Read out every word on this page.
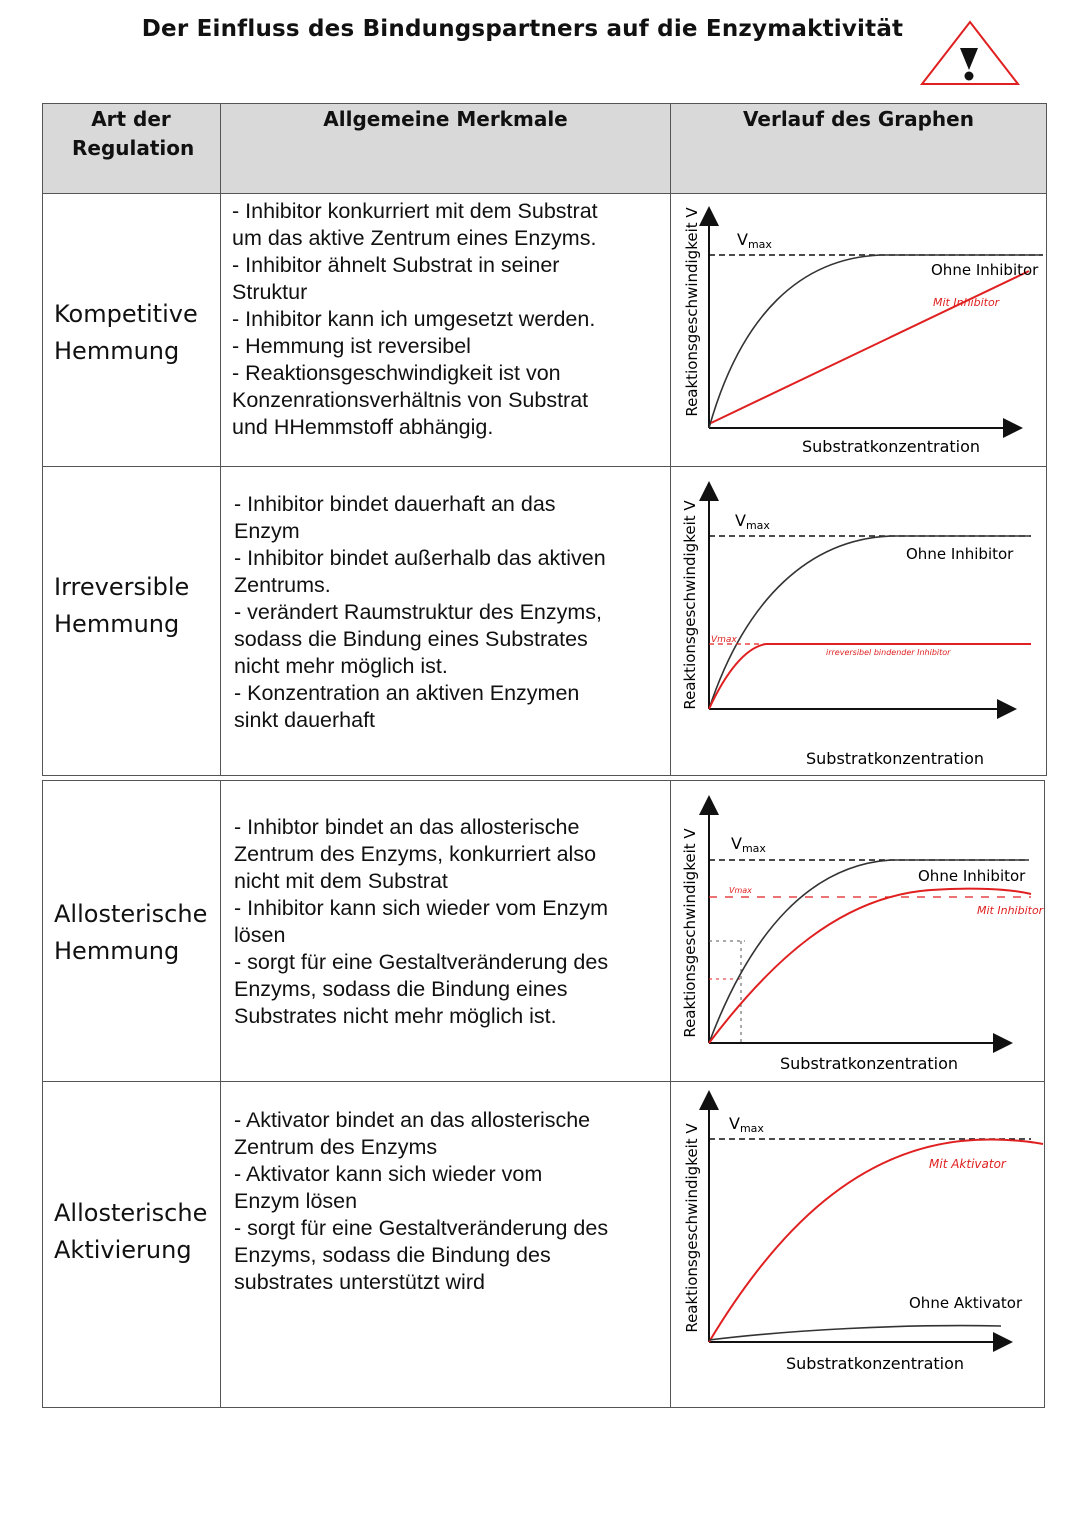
Der Einfluss des Bindungspartners auf die Enzymaktivität
Art der Regulation
Allgemeine Merkmale	Verlauf des Graphen
Kompetitive Hemmung
Irreversible Hemmung
Allosterische Hemmung
Allosterische Aktivierung
- Inhibitor konkurriert mit dem Substrat
um das aktive Zentrum eines Enzyms.
- Inhibitor ähnelt Substrat in seiner
Struktur
- Inhibitor kann ich umgesetzt werden.
- Hemmung ist reversibel
- Reaktionsgeschwindigkeit ist von
Konzenrationsverhältnis von Substrat
und HHemmstoff abhängig.
- Inhibitor bindet dauerhaft an das
Enzym
- Inhibitor bindet außerhalb das aktiven
Zentrums.
- verändert Raumstruktur des Enzyms,
sodass die Bindung eines Substrates
nicht mehr möglich ist.
- Konzentration an aktiven Enzymen
sinkt dauerhaft
- Inhibtor bindet an das allosterische
Zentrum des Enzyms, konkurriert also
nicht mit dem Substrat
- Inhibitor kann sich wieder vom Enzym
lösen
- sorgt für eine Gestaltveränderung des
Enzyms, sodass die Bindung eines
Substrates nicht mehr möglich ist.
- Aktivator bindet an das allosterische
Zentrum des Enzyms
- Aktivator kann sich wieder vom
Enzym lösen
- sorgt für eine Gestaltveränderung des
Enzyms, sodass die Bindung des
substrates unterstützt wird
Reaktionsgeschwindigkeit V Vmax
Ohne Inhibitor
Mit Inhibitor
Substratkonzentration
Reaktionsgeschwindigkeit V Vmax
Vmax
Ohne Inhibitor
irreversibel bindender Inhibitor
Substratkonzentration
Reaktionsgeschwindigkeit V Vmax
Vmax
Ohne Inhibitor
Mit Inhibitor
Substratkonzentration
Reaktionsgeschwindigkeit V Vmax
Mit Aktivator
Ohne Aktivator
Substratkonzentration
